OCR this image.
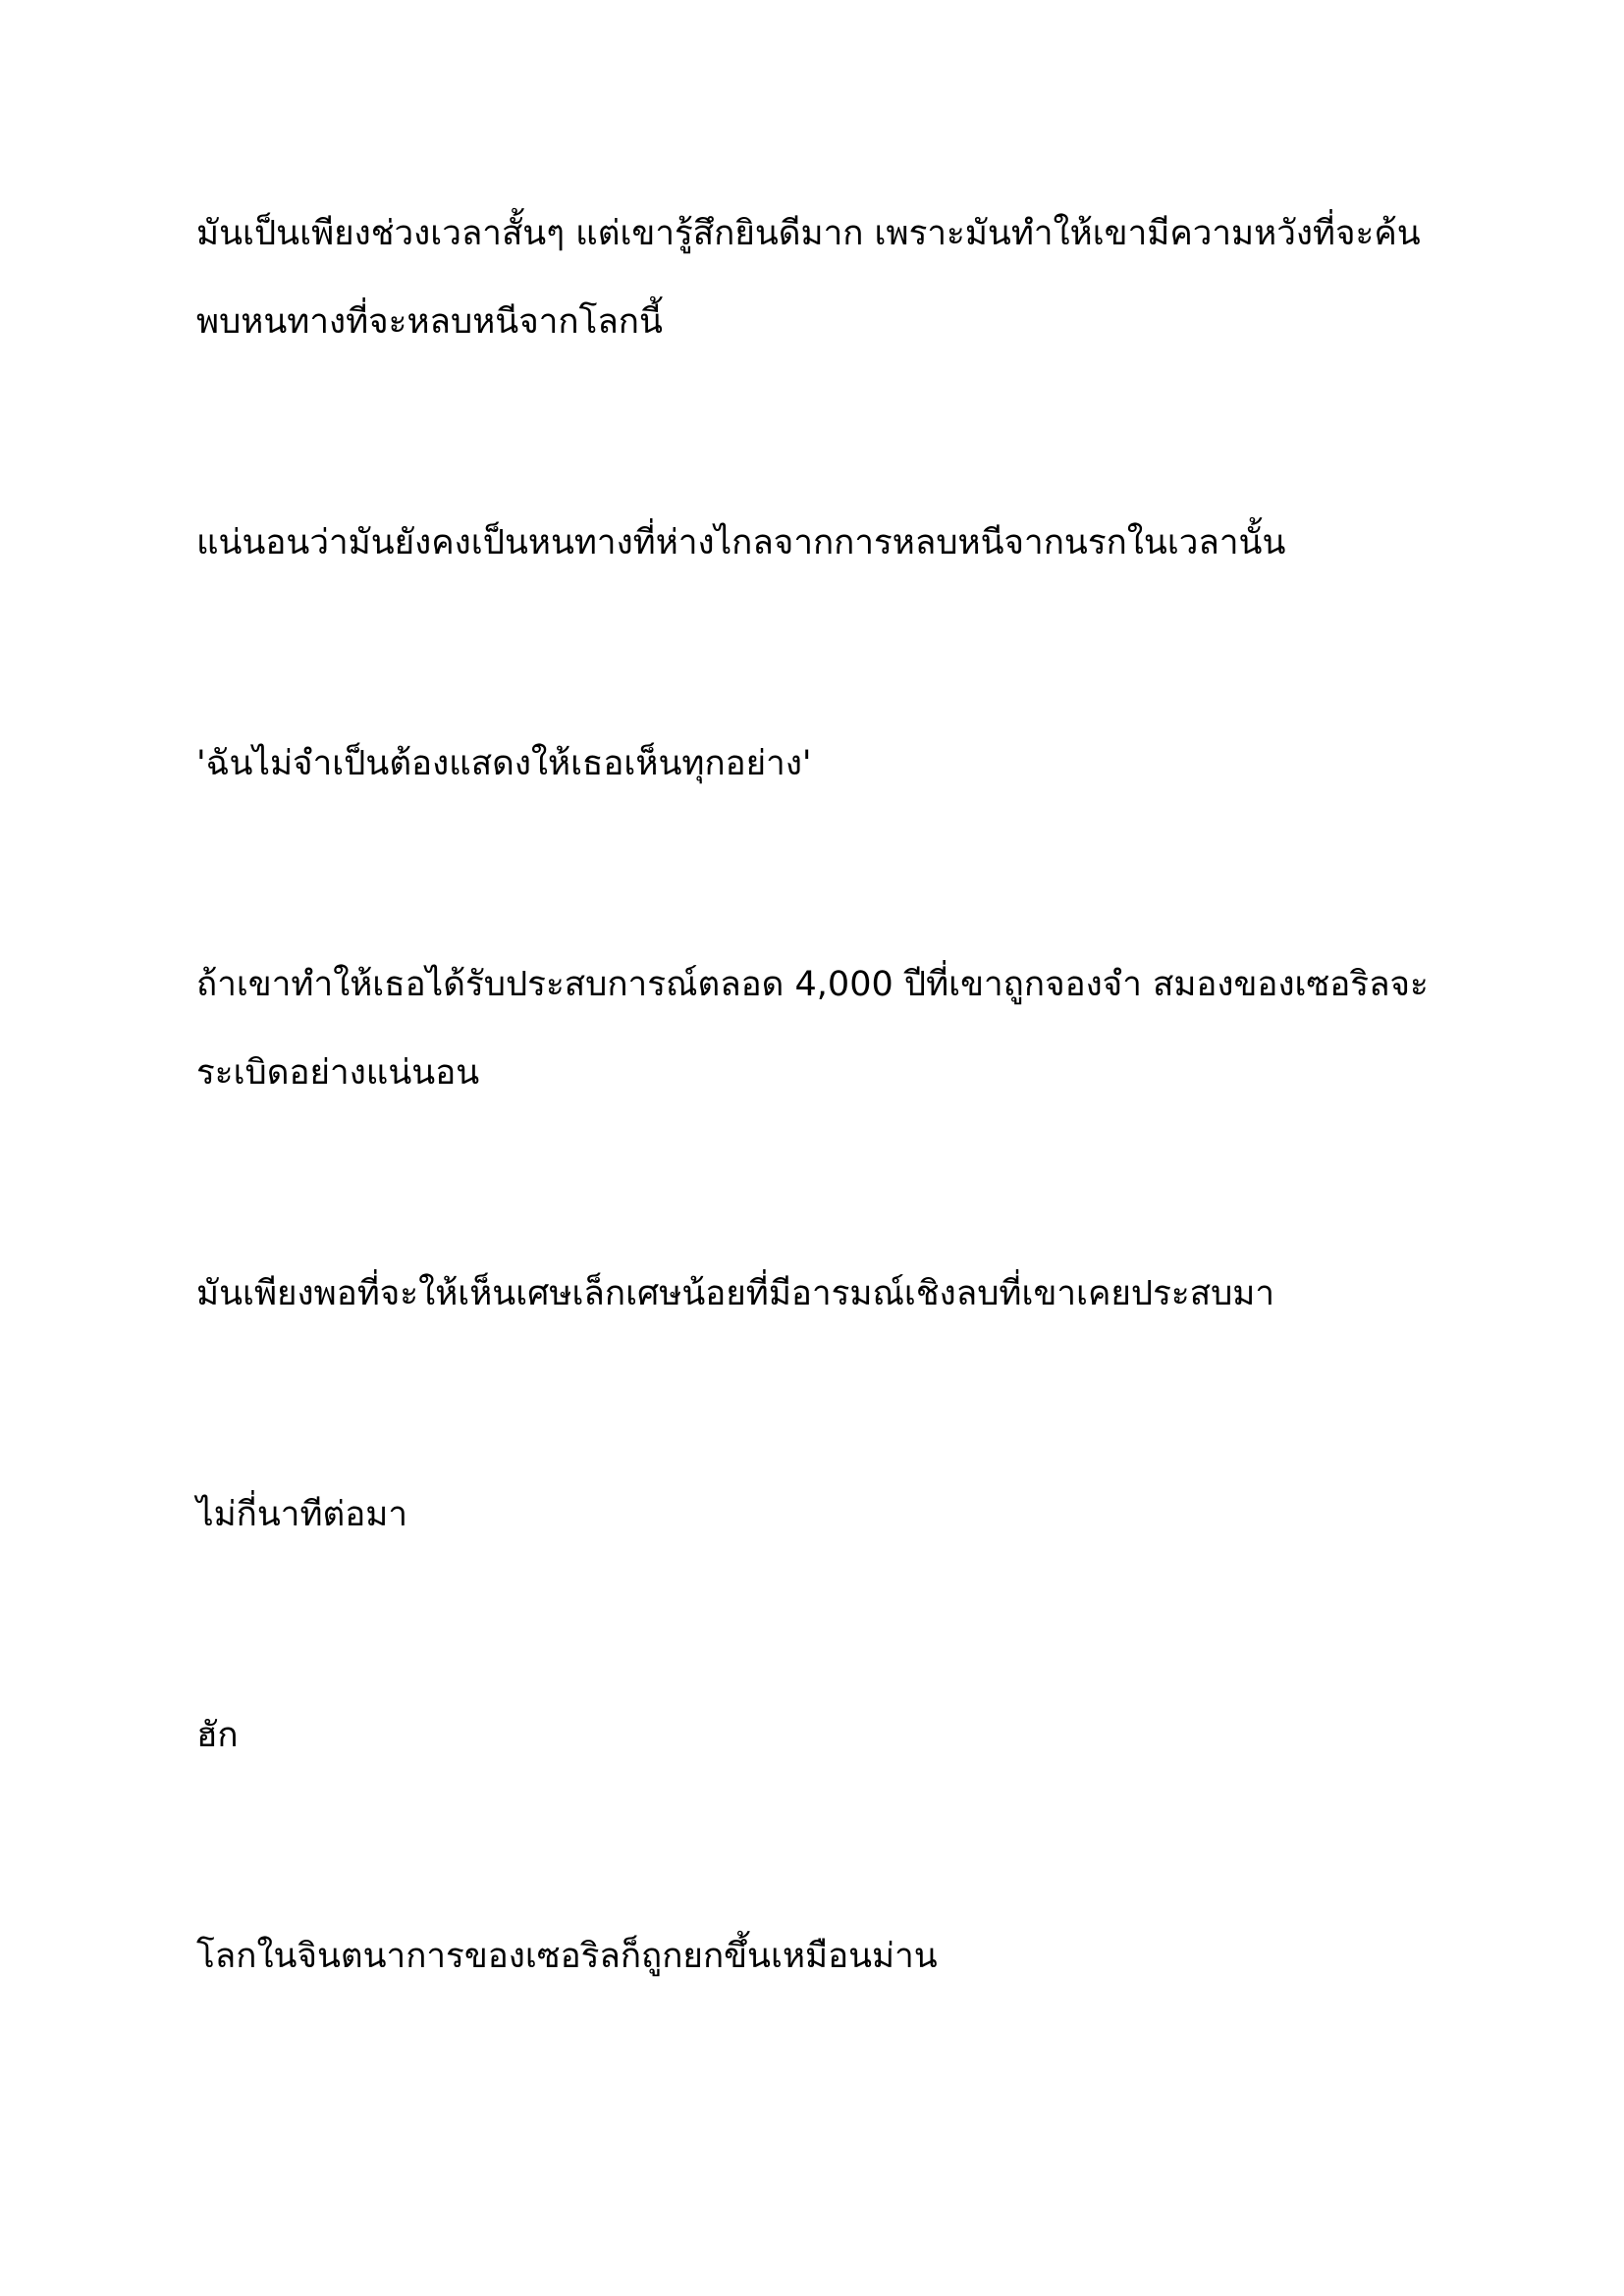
มันเป็นเพียงช่วงเวลาสั้นๆ แต่เขารู้สึกยินดีมาก เพราะมันทำให้เขามีความหวังที่จะค้นพบหนทางที่จะหลบหนีจากโลกนี้

แน่นอนว่ามันยังคงเป็นหนทางที่ห่างไกลจากการหลบหนีจากนรกในเวลานั้น

'ฉันไม่จำเป็นต้องแสดงให้เธอเห็นทุกอย่าง'

ถ้าเขาทำให้เธอได้รับประสบการณ์ตลอด 4,000 ปีที่เขาถูกจองจำ สมองของเซอริลจะระเบิดอย่างแน่นอน

มันเพียงพอที่จะให้เห็นเศษเล็กเศษน้อยที่มีอารมณ์เชิงลบที่เขาเคยประสบมา

ไม่กี่นาทีต่อมา

ฮัก

โลกในจินตนาการของเซอริลก็ถูกยกขึ้นเหมือนม่าน
